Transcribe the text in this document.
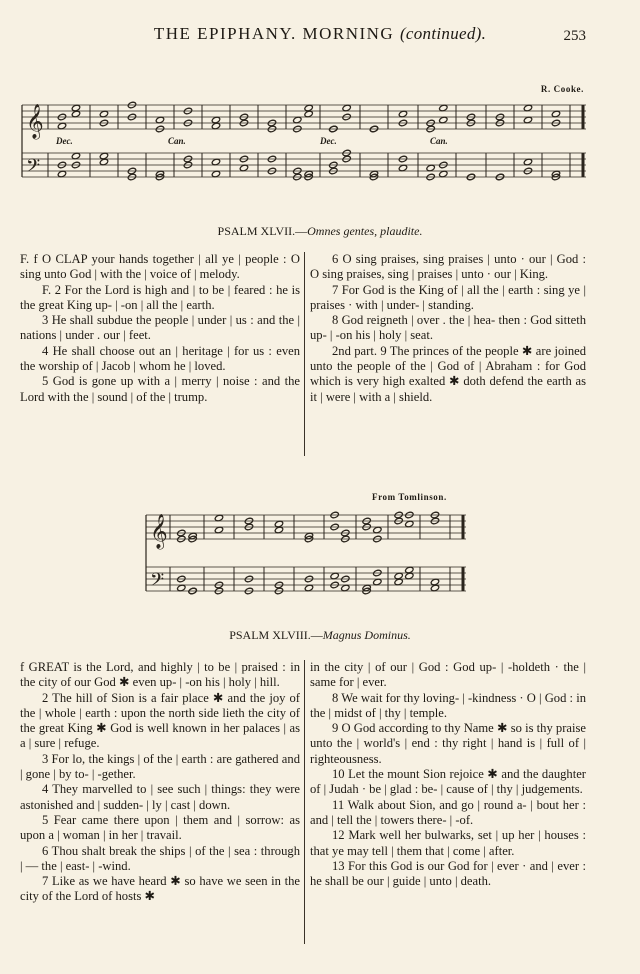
THE EPIPHANY. MORNING (continued).	253
R. Cooke.
𝄞
𝄢
Dec.	Can.	Dec.	Can.
PSALM XLVII.—Omnes gentes, plaudite.

F. f O CLAP your hands together | all ye | people : O sing unto God | with the | voice of | melody.

F. 2 For the Lord is high and | to be | feared : he is the great King up- | -on | all the | earth.

3 He shall subdue the people | under | us : and the | nations | under . our | feet.

4 He shall choose out an | heritage | for us : even the worship of | Jacob | whom he | loved.

5 God is gone up with a | merry | noise : and the Lord with the | sound | of the | trump.

6 O sing praises, sing praises | unto · our | God : O sing praises, sing | praises | unto · our | King.

7 For God is the King of | all the | earth : sing ye | praises · with | under- | standing.

8 God reigneth | over . the | hea- then : God sitteth up- | -on his | holy | seat.

2nd part. 9 The princes of the people ✱ are joined unto the people of the | God of | Abraham : for God which is very high exalted ✱ doth defend the earth as it | were | with a | shield.

From Tomlinson.
𝄞
𝄢
PSALM XLVIII.—Magnus Dominus.

f GREAT is the Lord, and highly | to be | praised : in the city of our God ✱ even up- | -on his | holy | hill.

2 The hill of Sion is a fair place ✱ and the joy of the | whole | earth : upon the north side lieth the city of the great King ✱ God is well known in her palaces | as a | sure | refuge.

3 For lo, the kings | of the | earth : are gathered and | gone | by to- | -gether.

4 They marvelled to | see such | things: they were astonished and | sudden- | ly | cast | down.

5 Fear came there upon | them and | sorrow: as upon a | woman | in her | travail.

6 Thou shalt break the ships | of the | sea : through | — the | east- | -wind.

7 Like as we have heard ✱ so have we seen in the city of the Lord of hosts ✱

in the city | of our | God : God up- | -holdeth · the | same for | ever.

8 We wait for thy loving- | -kindness · O | God : in the | midst of | thy | temple.

9 O God according to thy Name ✱ so is thy praise unto the | world's | end : thy right | hand is | full of | righteousness.

10 Let the mount Sion rejoice ✱ and the daughter of | Judah · be | glad : be- | cause of | thy | judgements.

11 Walk about Sion, and go | round a- | bout her : and | tell the | towers there- | -of.

12 Mark well her bulwarks, set | up her | houses : that ye may tell | them that | come | after.

13 For this God is our God for | ever · and | ever : he shall be our | guide | unto | death.
